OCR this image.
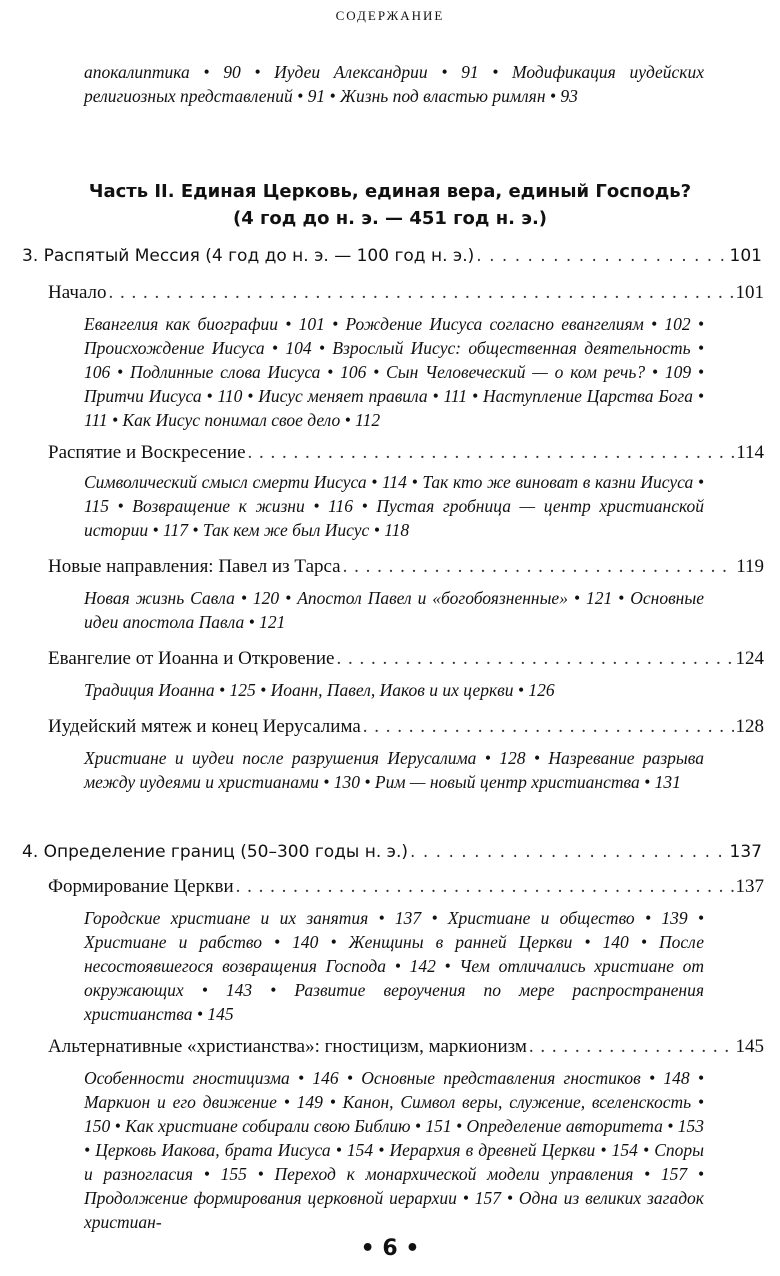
СОДЕРЖАНИЕ
апокалиптика • 90 • Иудеи Александрии • 91 • Модификация иудейских религиозных представлений • 91 • Жизнь под властью римлян • 93
Часть II. Единая Церковь, единая вера, единый Господь?
(4 год до н. э. — 451 год н. э.)
3. Распятый Мессия (4 год до н. э. — 100 год н. э.) . . .	101
Начало . . .	101
Евангелия как биографии • 101 • Рождение Иисуса согласно евангелиям • 102 • Происхождение Иисуса • 104 • Взрослый Иисус: общественная деятельность • 106 • Подлинные слова Иисуса • 106 • Сын Человеческий — о ком речь? • 109 • Притчи Иисуса • 110 • Иисус меняет правила • 111 • Наступление Царства Бога • 111 • Как Иисус понимал свое дело • 112
Распятие и Воскресение . . .	114
Символический смысл смерти Иисуса • 114 • Так кто же виноват в казни Иисуса • 115 • Возвращение к жизни • 116 • Пустая гробница — центр христианской истории • 117 • Так кем же был Иисус • 118
Новые направления: Павел из Тарса . . .	119
Новая жизнь Савла • 120 • Апостол Павел и «богобоязненные» • 121 • Основные идеи апостола Павла • 121
Евангелие от Иоанна и Откровение . . .	124
Традиция Иоанна • 125 • Иоанн, Павел, Иаков и их церкви • 126
Иудейский мятеж и конец Иерусалима . . .	128
Христиане и иудеи после разрушения Иерусалима • 128 • Назревание разрыва между иудеями и христианами • 130 • Рим — новый центр христианства • 131
4. Определение границ (50–300 годы н. э.) . . .	137
Формирование Церкви . . .	137
Городские христиане и их занятия • 137 • Христиане и общество • 139 • Христиане и рабство • 140 • Женщины в ранней Церкви • 140 • После несостоявшегося возвращения Господа • 142 • Чем отличались христиане от окружающих • 143 • Развитие вероучения по мере распространения христианства • 145
Альтернативные «христианства»: гностицизм, маркионизм . . .	145
Особенности гностицизма • 146 • Основные представления гностиков • 148 • Маркион и его движение • 149 • Канон, Символ веры, служение, вселенскость • 150 • Как христиане собирали свою Библию • 151 • Определение авторитета • 153 • Церковь Иакова, брата Иисуса • 154 • Иерархия в древней Церкви • 154 • Споры и разногласия • 155 • Переход к монархической модели управления • 157 • Продолжение формирования церковной иерархии • 157 • Одна из великих загадок христиан-
• 6 •
